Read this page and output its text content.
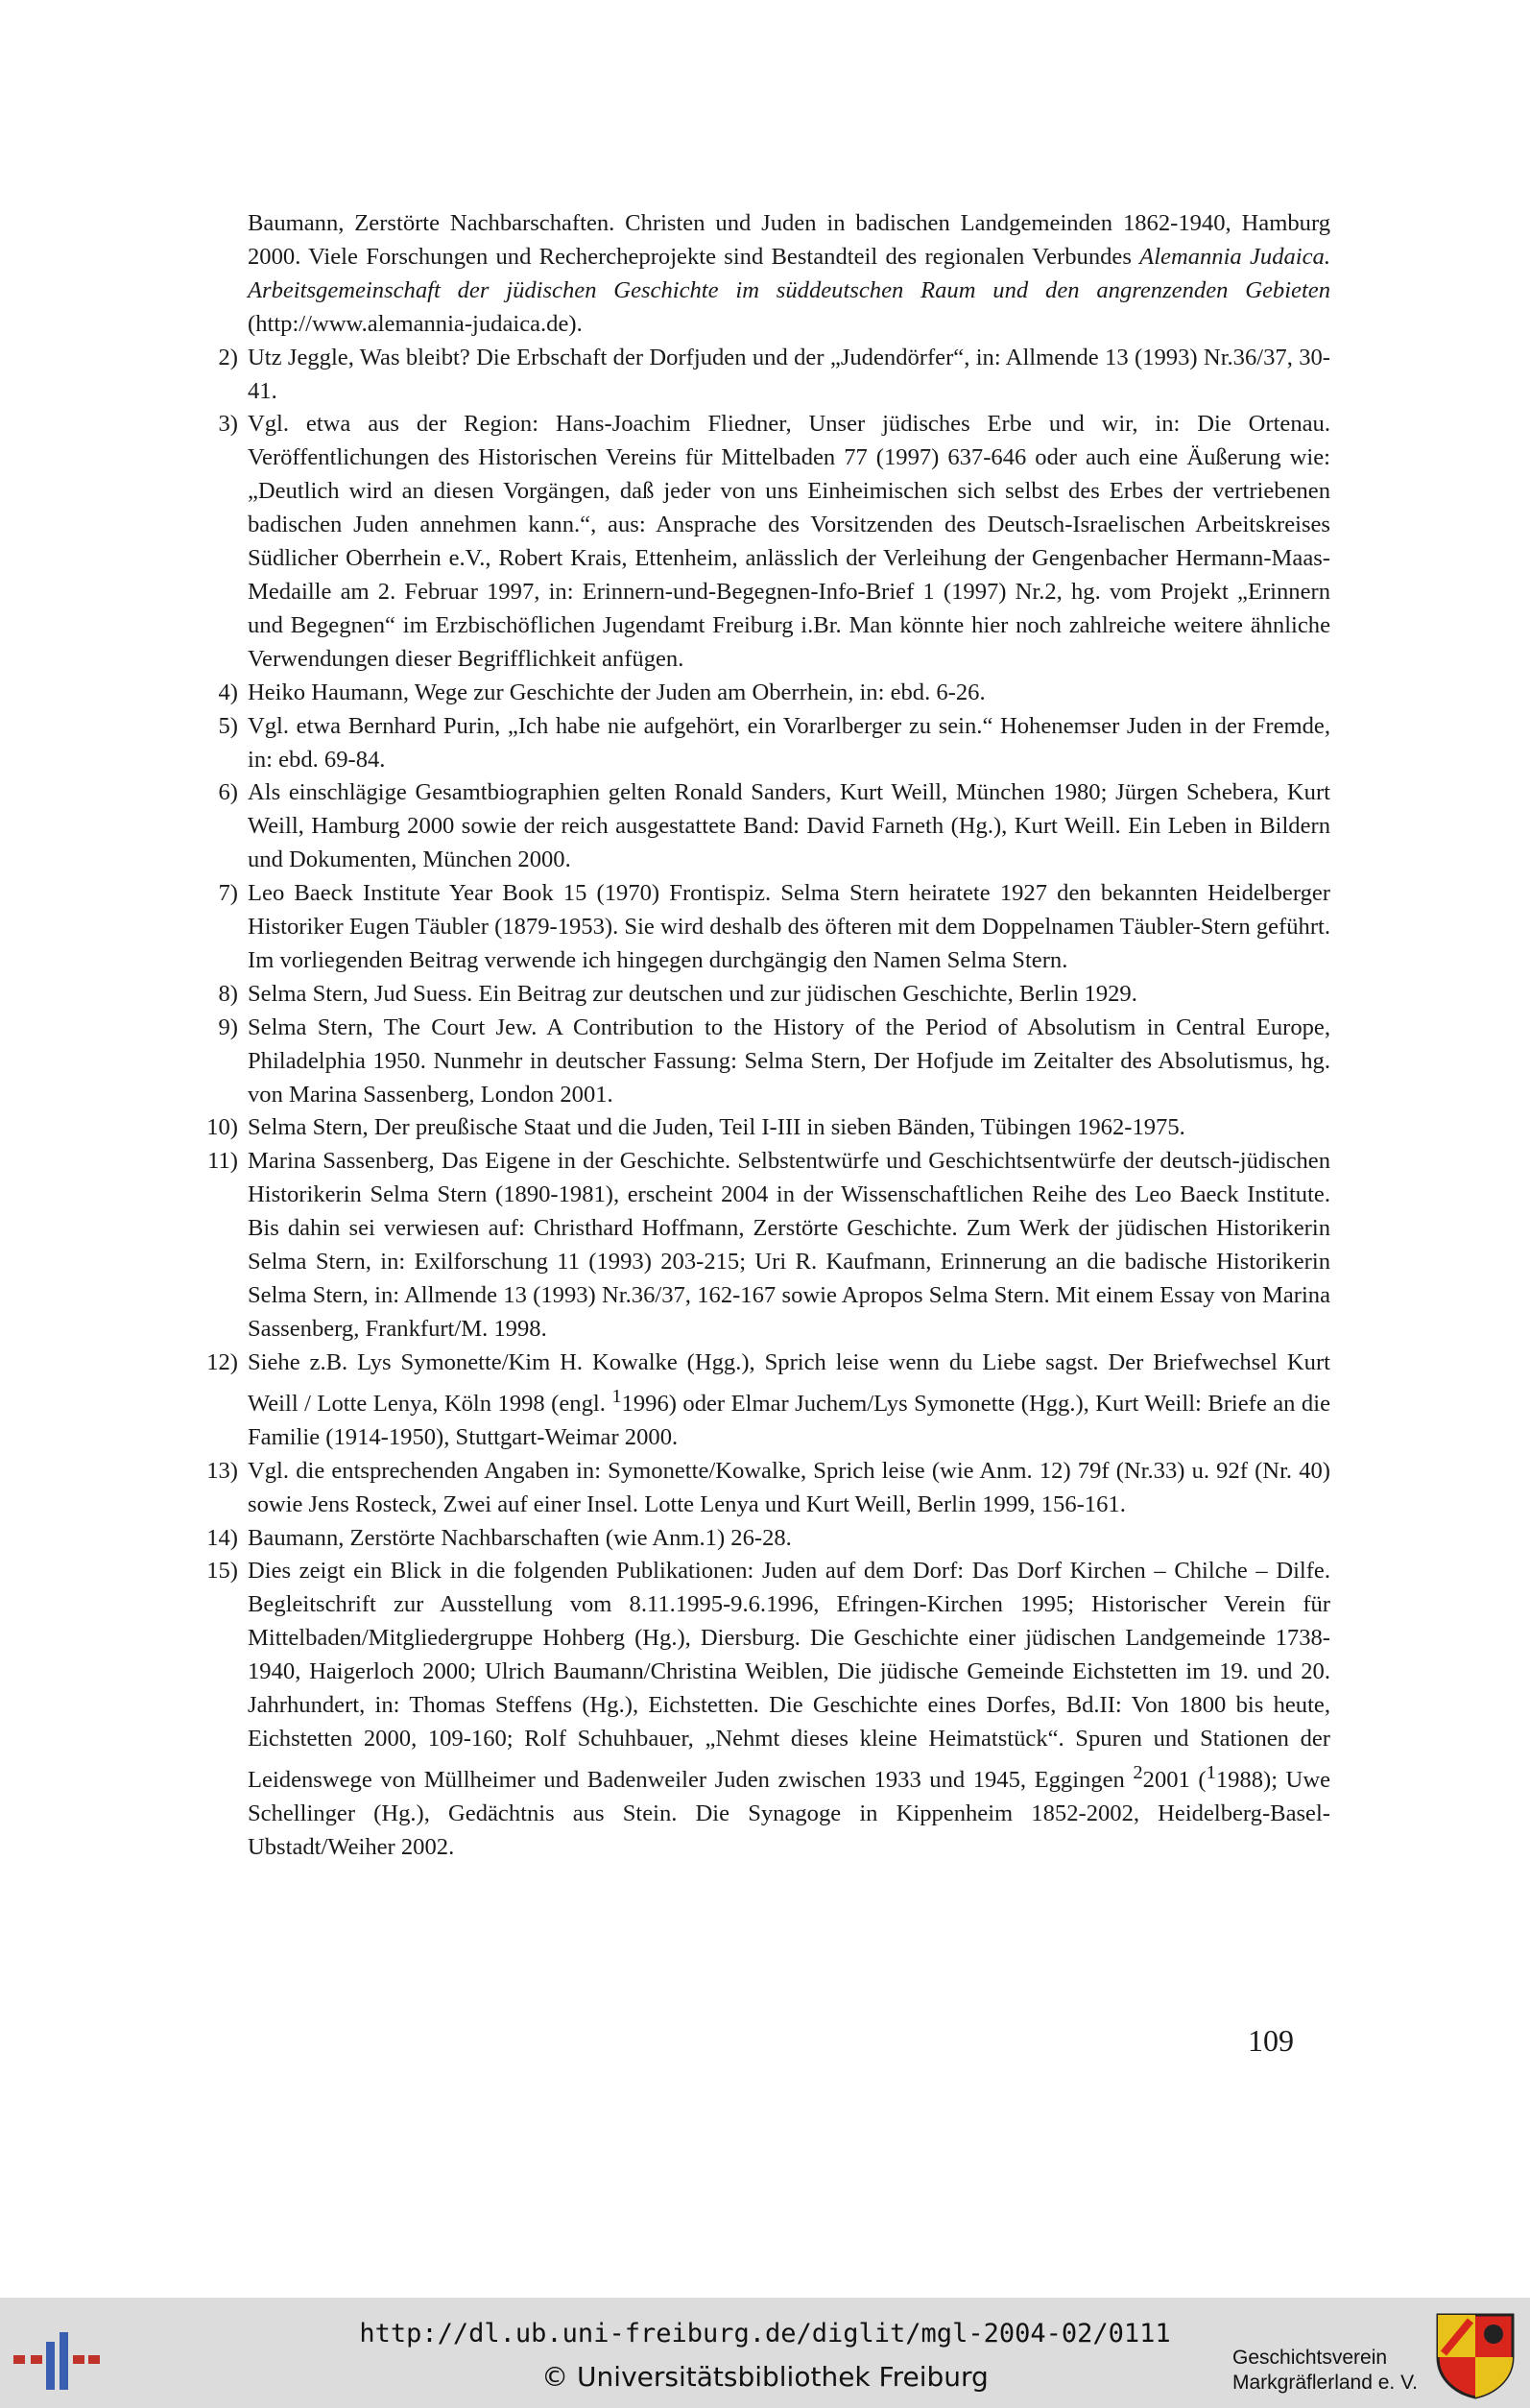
Baumann, Zerstörte Nachbarschaften. Christen und Juden in badischen Landgemeinden 1862-1940, Hamburg 2000. Viele Forschungen und Rechercheprojekte sind Bestandteil des regionalen Verbundes Alemannia Judaica. Arbeitsgemeinschaft der jüdischen Geschichte im süddeutschen Raum und den angrenzenden Gebieten (http://www.alemannia-judaica.de).
2) Utz Jeggle, Was bleibt? Die Erbschaft der Dorfjuden und der „Judendörfer“, in: Allmende 13 (1993) Nr.36/37, 30-41.
3) Vgl. etwa aus der Region: Hans-Joachim Fliedner, Unser jüdisches Erbe und wir, in: Die Ortenau. Veröffentlichungen des Historischen Vereins für Mittelbaden 77 (1997) 637-646 oder auch eine Äußerung wie: „Deutlich wird an diesen Vorgängen, daß jeder von uns Einheimischen sich selbst des Erbes der vertriebenen badischen Juden annehmen kann.“, aus: Ansprache des Vorsitzenden des Deutsch-Israelischen Arbeitskreises Südlicher Oberrhein e.V., Robert Krais, Ettenheim, anlässlich der Verleihung der Gengenbacher Hermann-Maas-Medaille am 2. Februar 1997, in: Erinnern-und-Begegnen-Info-Brief 1 (1997) Nr.2, hg. vom Projekt „Erinnern und Begegnen“ im Erzbischöflichen Jugendamt Freiburg i.Br. Man könnte hier noch zahlreiche weitere ähnliche Verwendungen dieser Begrifflichkeit anfügen.
4) Heiko Haumann, Wege zur Geschichte der Juden am Oberrhein, in: ebd. 6-26.
5) Vgl. etwa Bernhard Purin, „Ich habe nie aufgehört, ein Vorarlberger zu sein.“ Hohenemser Juden in der Fremde, in: ebd. 69-84.
6) Als einschlägige Gesamtbiographien gelten Ronald Sanders, Kurt Weill, München 1980; Jürgen Schebera, Kurt Weill, Hamburg 2000 sowie der reich ausgestattete Band: David Farneth (Hg.), Kurt Weill. Ein Leben in Bildern und Dokumenten, München 2000.
7) Leo Baeck Institute Year Book 15 (1970) Frontispiz. Selma Stern heiratete 1927 den bekannten Heidelberger Historiker Eugen Täubler (1879-1953). Sie wird deshalb des öfteren mit dem Doppelnamen Täubler-Stern geführt. Im vorliegenden Beitrag verwende ich hingegen durchgängig den Namen Selma Stern.
8) Selma Stern, Jud Suess. Ein Beitrag zur deutschen und zur jüdischen Geschichte, Berlin 1929.
9) Selma Stern, The Court Jew. A Contribution to the History of the Period of Absolutism in Central Europe, Philadelphia 1950. Nunmehr in deutscher Fassung: Selma Stern, Der Hofjude im Zeitalter des Absolutismus, hg. von Marina Sassenberg, London 2001.
10) Selma Stern, Der preußische Staat und die Juden, Teil I-III in sieben Bänden, Tübingen 1962-1975.
11) Marina Sassenberg, Das Eigene in der Geschichte. Selbstentwürfe und Geschichtsentwürfe der deutsch-jüdischen Historikerin Selma Stern (1890-1981), erscheint 2004 in der Wissenschaftlichen Reihe des Leo Baeck Institute. Bis dahin sei verwiesen auf: Christhard Hoffmann, Zerstörte Geschichte. Zum Werk der jüdischen Historikerin Selma Stern, in: Exilforschung 11 (1993) 203-215; Uri R. Kaufmann, Erinnerung an die badische Historikerin Selma Stern, in: Allmende 13 (1993) Nr.36/37, 162-167 sowie Apropos Selma Stern. Mit einem Essay von Marina Sassenberg, Frankfurt/M. 1998.
12) Siehe z.B. Lys Symonette/Kim H. Kowalke (Hgg.), Sprich leise wenn du Liebe sagst. Der Briefwechsel Kurt Weill / Lotte Lenya, Köln 1998 (engl. $^1$1996) oder Elmar Juchem/Lys Symonette (Hgg.), Kurt Weill: Briefe an die Familie (1914-1950), Stuttgart-Weimar 2000.
13) Vgl. die entsprechenden Angaben in: Symonette/Kowalke, Sprich leise (wie Anm. 12) 79f (Nr.33) u. 92f (Nr. 40) sowie Jens Rosteck, Zwei auf einer Insel. Lotte Lenya und Kurt Weill, Berlin 1999, 156-161.
14) Baumann, Zerstörte Nachbarschaften (wie Anm.1) 26-28.
15) Dies zeigt ein Blick in die folgenden Publikationen: Juden auf dem Dorf: Das Dorf Kirchen – Chilche – Dilfe. Begleitschrift zur Ausstellung vom 8.11.1995-9.6.1996, Efringen-Kirchen 1995; Historischer Verein für Mittelbaden/Mitgliedergruppe Hohberg (Hg.), Diersburg. Die Geschichte einer jüdischen Landgemeinde 1738-1940, Haigerloch 2000; Ulrich Baumann/Christina Weiblen, Die jüdische Gemeinde Eichstetten im 19. und 20. Jahrhundert, in: Thomas Steffens (Hg.), Eichstetten. Die Geschichte eines Dorfes, Bd.II: Von 1800 bis heute, Eichstetten 2000, 109-160; Rolf Schuhbauer, „Nehmt dieses kleine Heimatstück“. Spuren und Stationen der Leidenswege von Müllheimer und Badenweiler Juden zwischen 1933 und 1945, Eggingen $^2$2001 ($^1$1988); Uwe Schellinger (Hg.), Gedächtnis aus Stein. Die Synagoge in Kippenheim 1852-2002, Heidelberg-Basel-Ubstadt/Weiher 2002.
109
http://dl.ub.uni-freiburg.de/diglit/mgl-2004-02/0111
© Universitätsbibliothek Freiburg
Geschichtsverein
Markgräflerland e. V.
